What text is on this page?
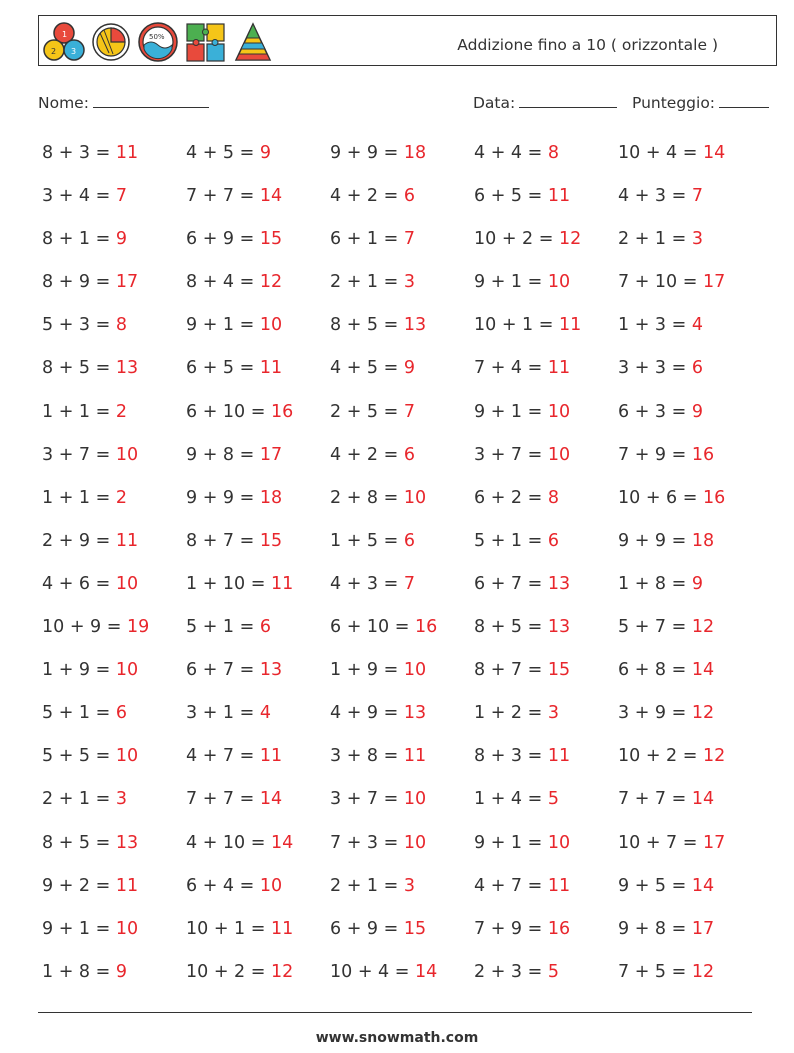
1
2 3
50%	Addizione fino a 10 ( orizzontale )
Nome:	Data:	Punteggio:
8 + 3 = 11	4 + 5 = 9	9 + 9 = 18	4 + 4 = 8	10 + 4 = 14
3 + 4 = 7	7 + 7 = 14	4 + 2 = 6	6 + 5 = 11	4 + 3 = 7
8 + 1 = 9	6 + 9 = 15	6 + 1 = 7	10 + 2 = 12	2 + 1 = 3
8 + 9 = 17	8 + 4 = 12	2 + 1 = 3	9 + 1 = 10	7 + 10 = 17
5 + 3 = 8	9 + 1 = 10	8 + 5 = 13	10 + 1 = 11	1 + 3 = 4
8 + 5 = 13	6 + 5 = 11	4 + 5 = 9	7 + 4 = 11	3 + 3 = 6
1 + 1 = 2	6 + 10 = 16	2 + 5 = 7	9 + 1 = 10	6 + 3 = 9
3 + 7 = 10	9 + 8 = 17	4 + 2 = 6	3 + 7 = 10	7 + 9 = 16
1 + 1 = 2	9 + 9 = 18	2 + 8 = 10	6 + 2 = 8	10 + 6 = 16
2 + 9 = 11	8 + 7 = 15	1 + 5 = 6	5 + 1 = 6	9 + 9 = 18
4 + 6 = 10	1 + 10 = 11	4 + 3 = 7	6 + 7 = 13	1 + 8 = 9
10 + 9 = 19	5 + 1 = 6	6 + 10 = 16	8 + 5 = 13	5 + 7 = 12
1 + 9 = 10	6 + 7 = 13	1 + 9 = 10	8 + 7 = 15	6 + 8 = 14
5 + 1 = 6	3 + 1 = 4	4 + 9 = 13	1 + 2 = 3	3 + 9 = 12
5 + 5 = 10	4 + 7 = 11	3 + 8 = 11	8 + 3 = 11	10 + 2 = 12
2 + 1 = 3	7 + 7 = 14	3 + 7 = 10	1 + 4 = 5	7 + 7 = 14
8 + 5 = 13	4 + 10 = 14	7 + 3 = 10	9 + 1 = 10	10 + 7 = 17
9 + 2 = 11	6 + 4 = 10	2 + 1 = 3	4 + 7 = 11	9 + 5 = 14
9 + 1 = 10	10 + 1 = 11	6 + 9 = 15	7 + 9 = 16	9 + 8 = 17
1 + 8 = 9	10 + 2 = 12	10 + 4 = 14	2 + 3 = 5	7 + 5 = 12
www.snowmath.com
